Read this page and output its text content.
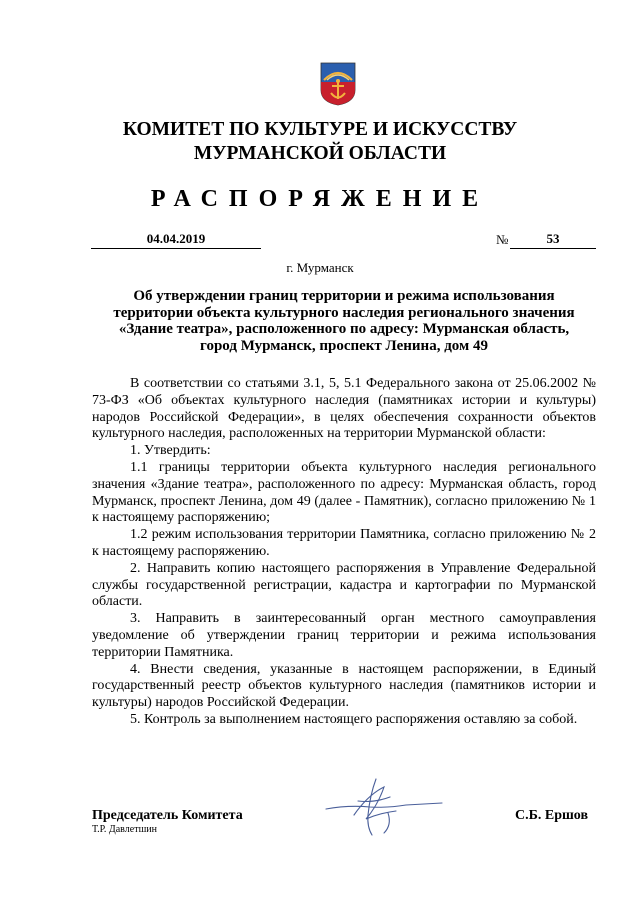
КОМИТЕТ ПО КУЛЬТУРЕ И ИСКУССТВУ
МУРМАНСКОЙ ОБЛАСТИ
РАСПОРЯЖЕНИЕ
04.04.2019	№	53
г. Мурманск
Об утверждении границ территории и режима использования
территории объекта культурного наследия регионального значения
«Здание театра», расположенного по адресу: Мурманская область,
город Мурманск, проспект Ленина, дом 49

В соответствии со статьями 3.1, 5, 5.1 Федерального закона от 25.06.2002 № 73-ФЗ «Об объектах культурного наследия (памятниках истории и культуры) народов Российской Федерации», в целях обеспечения сохранности объектов культурного наследия, расположенных на территории Мурманской области:

1. Утвердить:

1.1 границы территории объекта культурного наследия регионального значения «Здание театра», расположенного по адресу: Мурманская область, город Мурманск, проспект Ленина, дом 49 (далее - Памятник), согласно приложению № 1 к настоящему распоряжению;

1.2 режим использования территории Памятника, согласно приложению № 2 к настоящему распоряжению.

2. Направить копию настоящего распоряжения в Управление Федеральной службы государственной регистрации, кадастра и картографии по Мурманской области.

3. Направить в заинтересованный орган местного самоуправления уведомление об утверждении границ территории и режима использования территории Памятника.

4. Внести сведения, указанные в настоящем распоряжении, в Единый государственный реестр объектов культурного наследия (памятников истории и культуры) народов Российской Федерации.

5. Контроль за выполнением настоящего распоряжения оставляю за собой.

Председатель Комитета	С.Б. Ершов
Т.Р. Давлетшин
